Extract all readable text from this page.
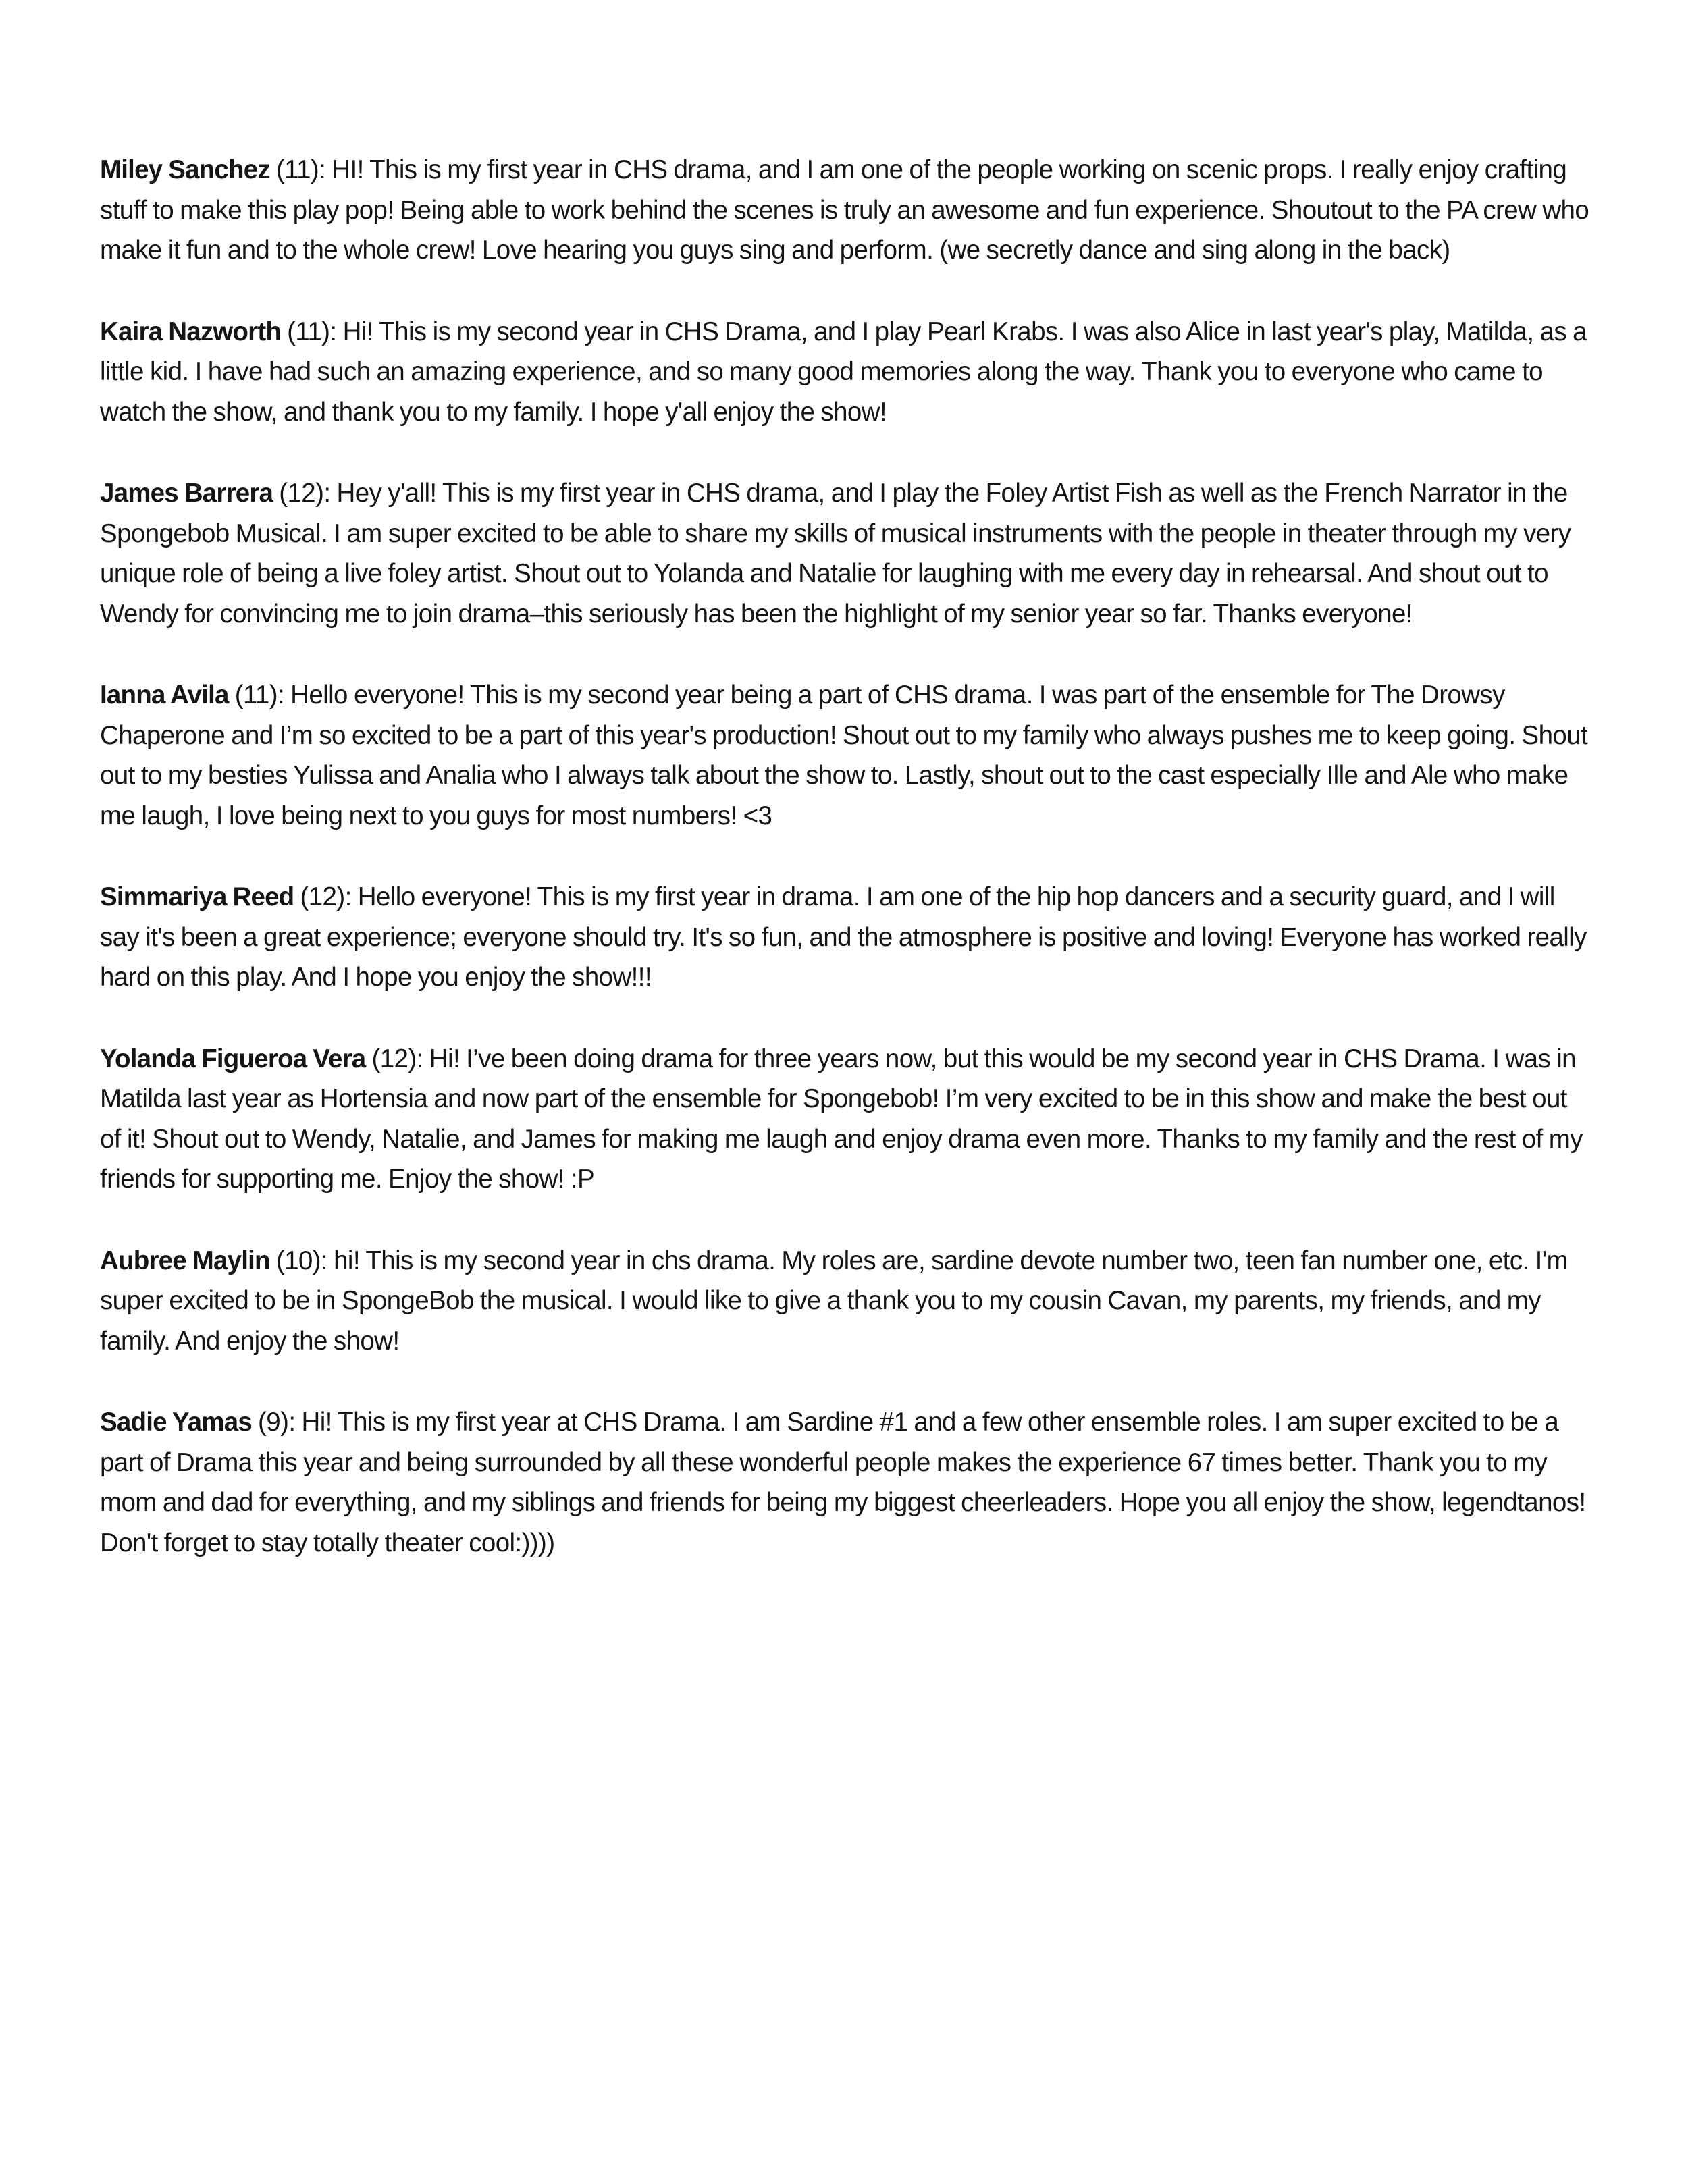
Miley Sanchez (11): HI! This is my first year in CHS drama, and I am one of the people working on scenic props. I really enjoy crafting stuff to make this play pop! Being able to work behind the scenes is truly an awesome and fun experience. Shoutout to the PA crew who make it fun and to the whole crew! Love hearing you guys sing and perform. (we secretly dance and sing along in the back)

Kaira Nazworth (11): Hi! This is my second year in CHS Drama, and I play Pearl Krabs. I was also Alice in last year's play, Matilda, as a little kid. I have had such an amazing experience, and so many good memories along the way. Thank you to everyone who came to watch the show, and thank you to my family. I hope y'all enjoy the show!

James Barrera (12): Hey y'all! This is my first year in CHS drama, and I play the Foley Artist Fish as well as the French Narrator in the Spongebob Musical. I am super excited to be able to share my skills of musical instruments with the people in theater through my very unique role of being a live foley artist. Shout out to Yolanda and Natalie for laughing with me every day in rehearsal. And shout out to Wendy for convincing me to join drama–this seriously has been the highlight of my senior year so far. Thanks everyone!

Ianna Avila (11): Hello everyone! This is my second year being a part of CHS drama. I was part of the ensemble for The Drowsy Chaperone and I’m so excited to be a part of this year's production! Shout out to my family who always pushes me to keep going. Shout out to my besties Yulissa and Analia who I always talk about the show to. Lastly, shout out to the cast especially Ille and Ale who make me laugh, I love being next to you guys for most numbers! <3

Simmariya Reed (12): Hello everyone! This is my first year in drama. I am one of the hip hop dancers and a security guard, and I will say it's been a great experience; everyone should try. It's so fun, and the atmosphere is positive and loving! Everyone has worked really hard on this play. And I hope you enjoy the show!!!

Yolanda Figueroa Vera (12): Hi! I’ve been doing drama for three years now, but this would be my second year in CHS Drama. I was in Matilda last year as Hortensia and now part of the ensemble for Spongebob! I’m very excited to be in this show and make the best out of it! Shout out to Wendy, Natalie, and James for making me laugh and enjoy drama even more. Thanks to my family and the rest of my friends for supporting me. Enjoy the show! :P

Aubree Maylin (10): hi! This is my second year in chs drama. My roles are, sardine devote number two, teen fan number one, etc. I'm super excited to be in SpongeBob the musical. I would like to give a thank you to my cousin Cavan, my parents, my friends, and my family. And enjoy the show!

Sadie Yamas (9): Hi! This is my first year at CHS Drama. I am Sardine #1 and a few other ensemble roles. I am super excited to be a part of Drama this year and being surrounded by all these wonderful people makes the experience 67 times better. Thank you to my mom and dad for everything, and my siblings and friends for being my biggest cheerleaders. Hope you all enjoy the show, legendtanos! Don't forget to stay totally theater cool:))))
